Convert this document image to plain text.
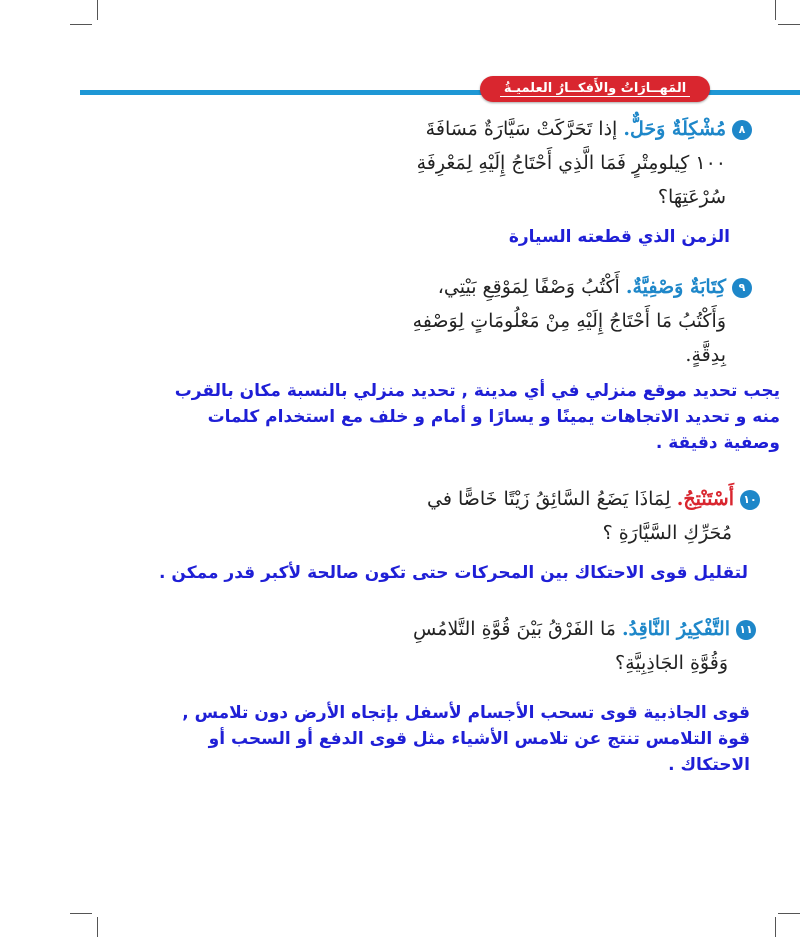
المَهــارَاتُ والأَفكــارُ العلميـةُ
٨مُشْكِلَةٌ وَحَلٌّ. إذا تَحَرَّكَتْ سَيَّارَةٌ مَسَافَةَ
١٠٠ كِيلومِتْرٍ فَمَا الَّذِي أَحْتَاجُ إِلَيْهِ لِمَعْرِفَةِ
سُرْعَتِهَا؟
الزمن الذي قطعته السيارة
٩كِتَابَةٌ وَصْفِيَّةٌ. أَكْتُبُ وَصْفًا لِمَوْقِعِ بَيْتِي،
وَأَكْتُبُ مَا أَحْتَاجُ إِلَيْهِ مِنْ مَعْلُومَاتٍ لِوَصْفِهِ
بِدِقَّةٍ.
يجب تحديد موقع منزلي في أي مدينة , تحديد منزلي بالنسبة مكان بالقرب
منه و تحديد الاتجاهات يمينًا و يسارًا و أمام و خلف مع استخدام كلمات
وصفية دقيقة .
١٠أَسْتَنْتِجُ. لِمَاذَا يَضَعُ السَّائِقُ زَيْتًا خَاصًّا في
مُحَرِّكِ السَّيَّارَةِ ؟
لتقليل قوى الاحتكاك بين المحركات حتى تكون صالحة لأكبر قدر ممكن .
١١التَّفْكِيرُ النَّاقِدُ. مَا الفَرْقُ بَيْنَ قُوَّةِ التَّلامُسِ
وَقُوَّةِ الجَاذِبِيَّةِ؟
قوى الجاذبية قوى تسحب الأجسام لأسفل بإتجاه الأرض دون تلامس ,
قوة التلامس تنتج عن تلامس الأشياء مثل قوى الدفع أو السحب أو
الاحتكاك .
